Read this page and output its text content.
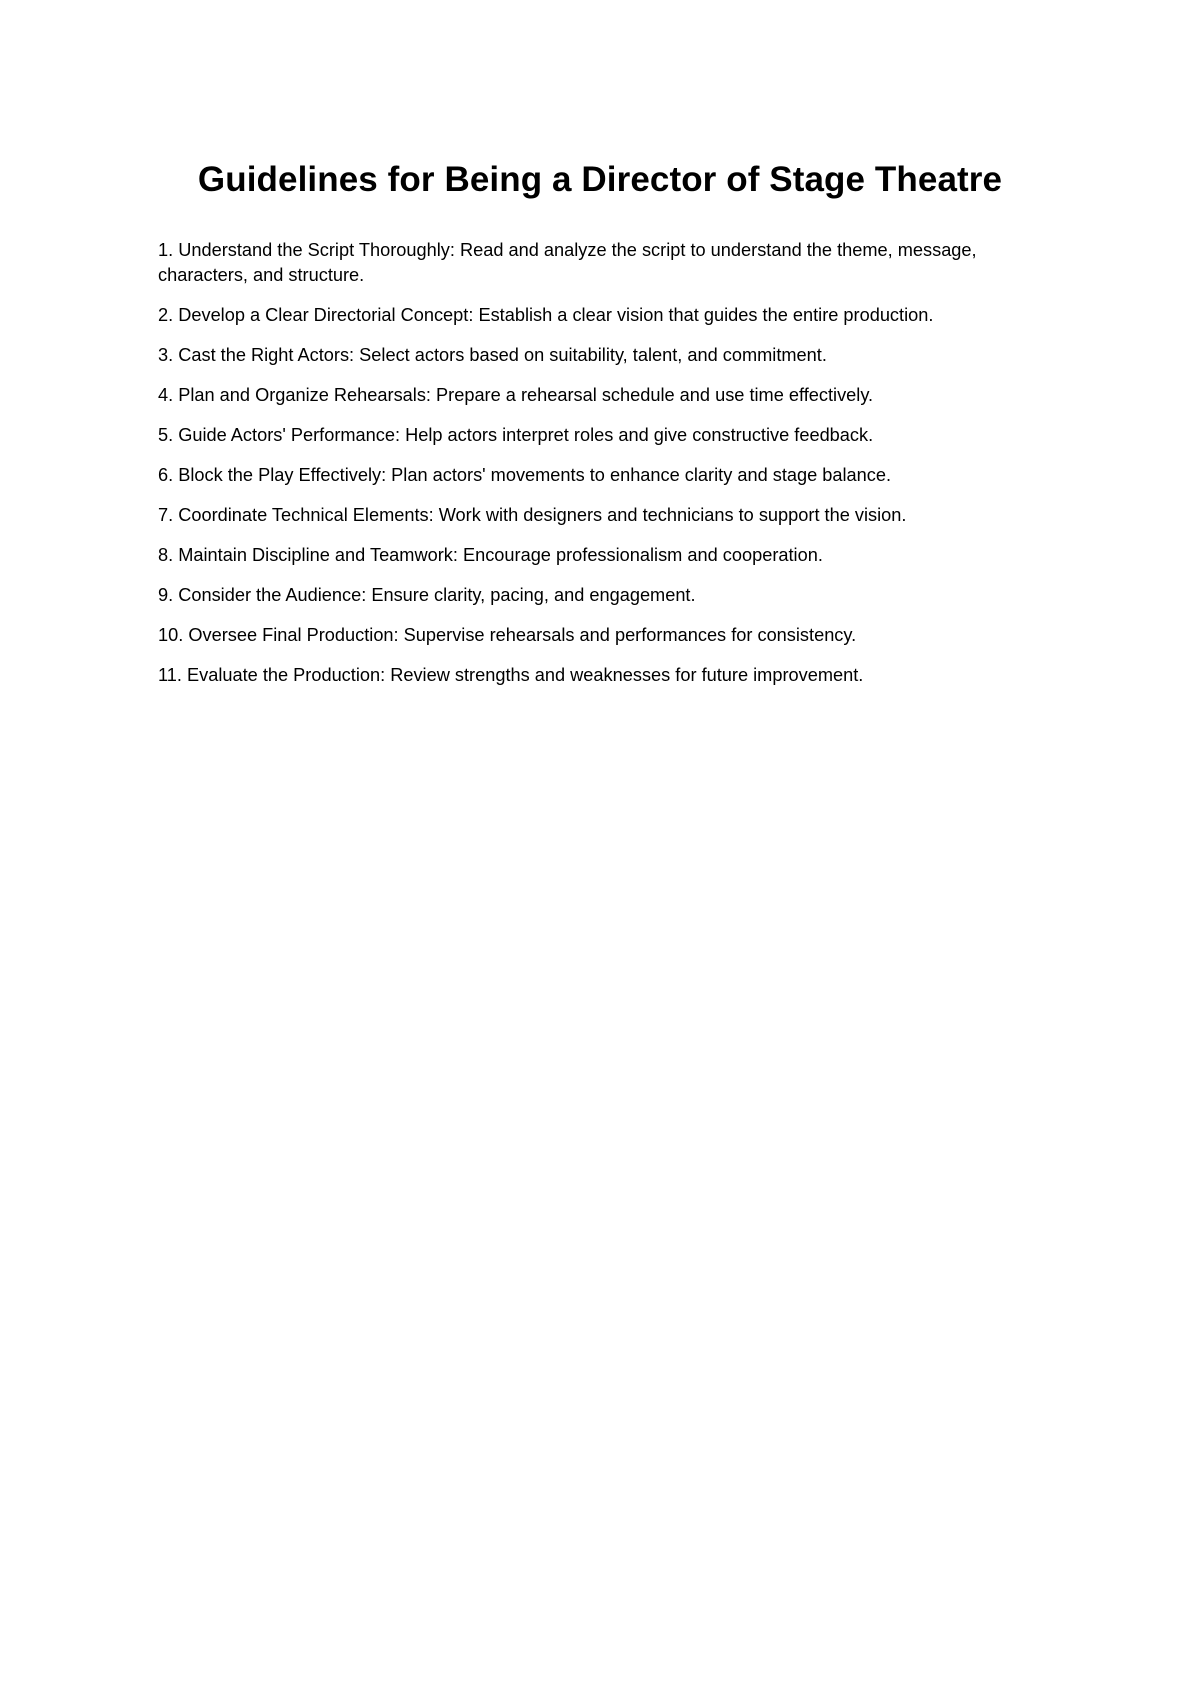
Guidelines for Being a Director of Stage Theatre
1. Understand the Script Thoroughly: Read and analyze the script to understand the theme, message, characters, and structure.
2. Develop a Clear Directorial Concept: Establish a clear vision that guides the entire production.
3. Cast the Right Actors: Select actors based on suitability, talent, and commitment.
4. Plan and Organize Rehearsals: Prepare a rehearsal schedule and use time effectively.
5. Guide Actors' Performance: Help actors interpret roles and give constructive feedback.
6. Block the Play Effectively: Plan actors' movements to enhance clarity and stage balance.
7. Coordinate Technical Elements: Work with designers and technicians to support the vision.
8. Maintain Discipline and Teamwork: Encourage professionalism and cooperation.
9. Consider the Audience: Ensure clarity, pacing, and engagement.
10. Oversee Final Production: Supervise rehearsals and performances for consistency.
11. Evaluate the Production: Review strengths and weaknesses for future improvement.
